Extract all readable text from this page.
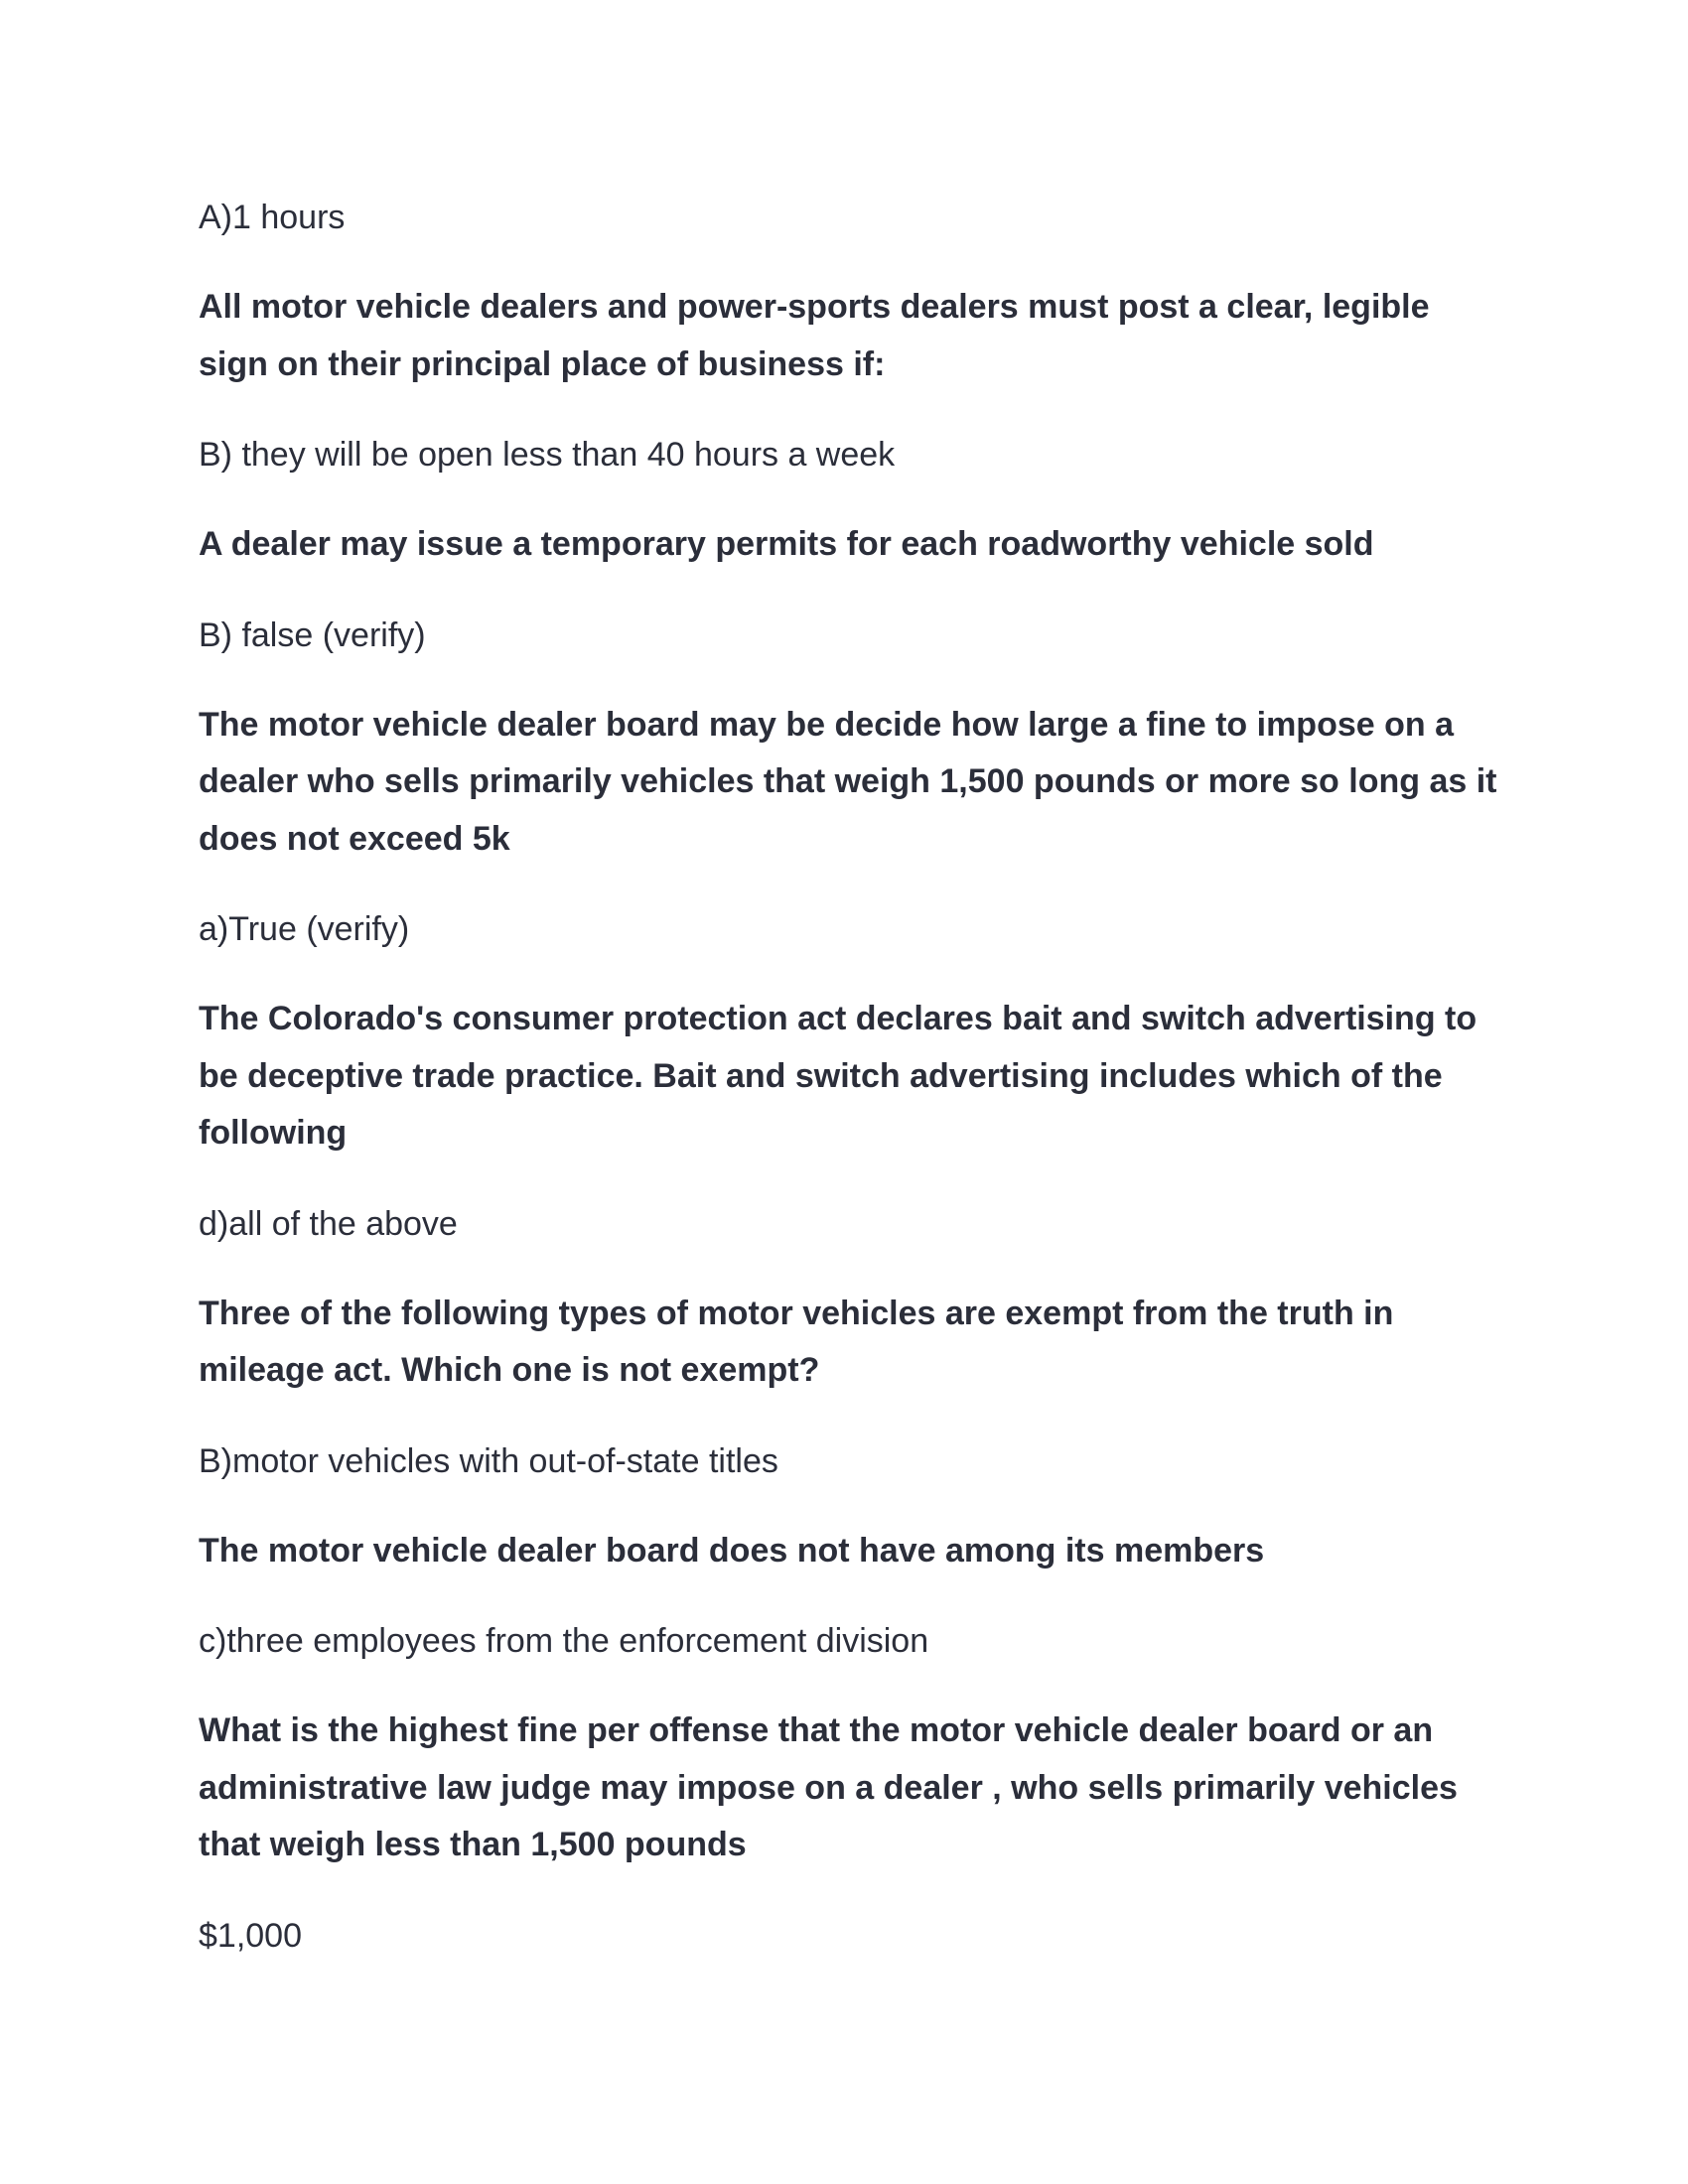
A)1 hours

All motor vehicle dealers and power-sports dealers must post a clear, legible sign on their principal place of business if:

B) they will be open less than 40 hours a week

A dealer may issue a temporary permits for each roadworthy vehicle sold

B) false (verify)

The motor vehicle dealer board may be decide how large a fine to impose on a dealer who sells primarily vehicles that weigh 1,500 pounds or more so long as it does not exceed 5k

a)True (verify)

The Colorado's consumer protection act declares bait and switch advertising to be deceptive trade practice. Bait and switch advertising includes which of the following

d)all of the above

Three of the following types of motor vehicles are exempt from the truth in mileage act. Which one is not exempt?

B)motor vehicles with out-of-state titles

The motor vehicle dealer board does not have among its members

c)three employees from the enforcement division

What is the highest fine per offense that the motor vehicle dealer board or an administrative law judge may impose on a dealer , who sells primarily vehicles that weigh less than 1,500 pounds

$1,000
